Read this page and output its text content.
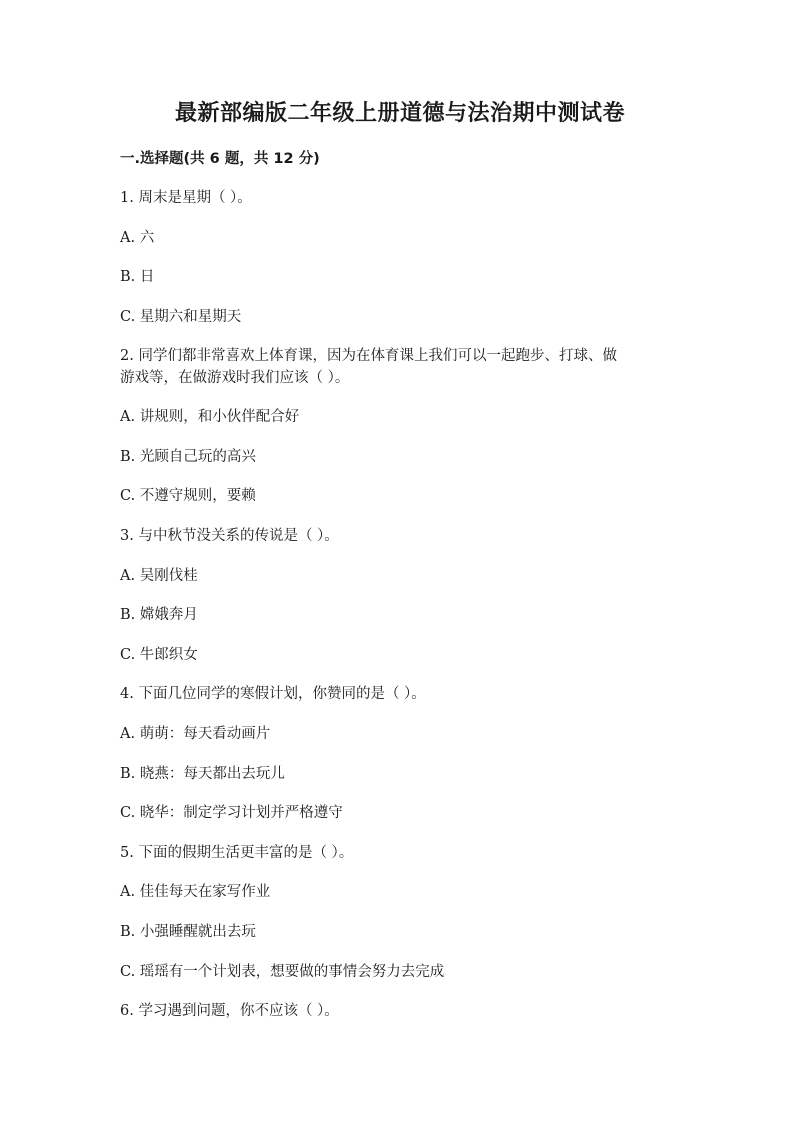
最新部编版二年级上册道德与法治期中测试卷
一.选择题(共 6 题，共 12 分)
1. 周末是星期（ ）。
A. 六
B. 日
C. 星期六和星期天
2. 同学们都非常喜欢上体育课，因为在体育课上我们可以一起跑步、打球、做
游戏等，在做游戏时我们应该（ ）。
A. 讲规则，和小伙伴配合好
B. 光顾自己玩的高兴
C. 不遵守规则，要赖
3. 与中秋节没关系的传说是（ ）。
A. 吴刚伐桂
B. 嫦娥奔月
C. 牛郎织女
4. 下面几位同学的寒假计划，你赞同的是（ ）。
A. 萌萌：每天看动画片
B. 晓燕：每天都出去玩儿
C. 晓华：制定学习计划并严格遵守
5. 下面的假期生活更丰富的是（ ）。
A. 佳佳每天在家写作业
B. 小强睡醒就出去玩
C. 瑶瑶有一个计划表，想要做的事情会努力去完成
6. 学习遇到问题，你不应该（ ）。
